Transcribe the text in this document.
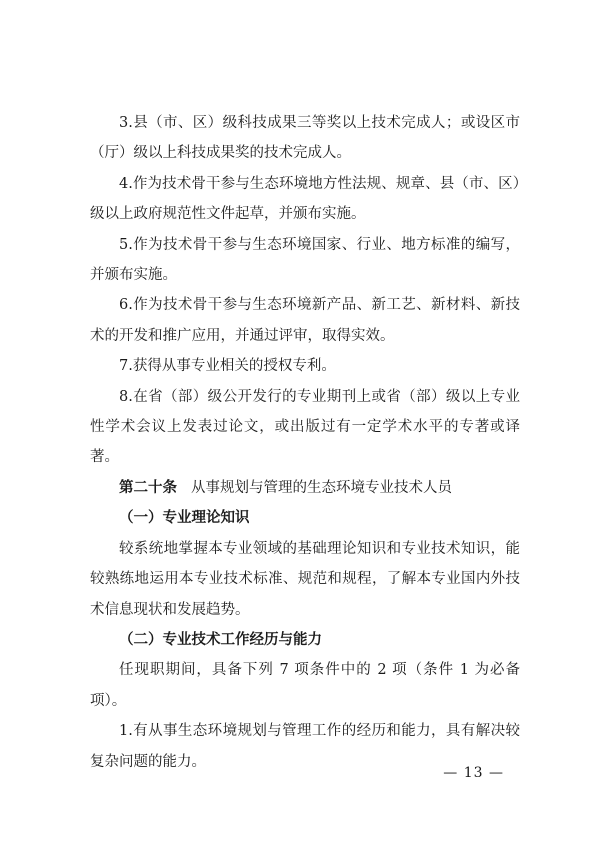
3.县（市、区）级科技成果三等奖以上技术完成人；或设区市（厅）级以上科技成果奖的技术完成人。

4.作为技术骨干参与生态环境地方性法规、规章、县（市、区）级以上政府规范性文件起草，并颁布实施。

5.作为技术骨干参与生态环境国家、行业、地方标准的编写，并颁布实施。

6.作为技术骨干参与生态环境新产品、新工艺、新材料、新技术的开发和推广应用，并通过评审，取得实效。

7.获得从事专业相关的授权专利。

8.在省（部）级公开发行的专业期刊上或省（部）级以上专业性学术会议上发表过论文，或出版过有一定学术水平的专著或译著。

第二十条 从事规划与管理的生态环境专业技术人员

（一）专业理论知识

较系统地掌握本专业领域的基础理论知识和专业技术知识，能较熟练地运用本专业技术标准、规范和规程，了解本专业国内外技术信息现状和发展趋势。

（二）专业技术工作经历与能力

任现职期间，具备下列 7 项条件中的 2 项（条件 1 为必备项）。

1.有从事生态环境规划与管理工作的经历和能力，具有解决较复杂问题的能力。

— 13 —
